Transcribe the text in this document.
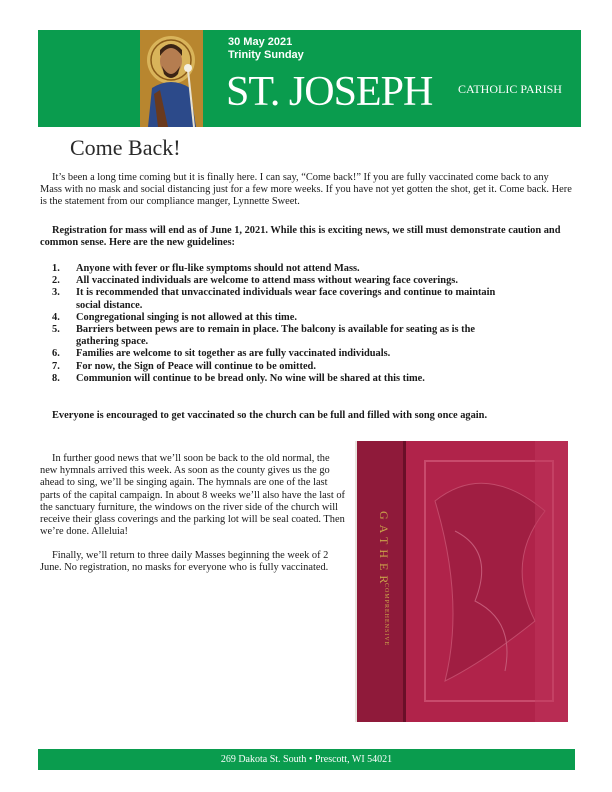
30 May 2021
Trinity Sunday
ST. JOSEPH CATHOLIC PARISH
Come Back!

It’s been a long time coming but it is finally here. I can say, “Come back!” If you are fully vaccinated come back to any Mass with no mask and social distancing just for a few more weeks. If you have not yet gotten the shot, get it. Come back. Here is the statement from our compliance manger, Lynnette Sweet.

Registration for mass will end as of June 1, 2021. While this is exciting news, we still must demonstrate caution and common sense. Here are the new guidelines:

1. Anyone with fever or flu-like symptoms should not attend Mass.
2. All vaccinated individuals are welcome to attend mass without wearing face coverings.
3. It is recommended that unvaccinated individuals wear face coverings and continue to maintain social distance.
4. Congregational singing is not allowed at this time.
5. Barriers between pews are to remain in place. The balcony is available for seating as is the gathering space.
6. Families are welcome to sit together as are fully vaccinated individuals.
7. For now, the Sign of Peace will continue to be omitted.
8. Communion will continue to be bread only. No wine will be shared at this time.

Everyone is encouraged to get vaccinated so the church can be full and filled with song once again.

In further good news that we’ll soon be back to the old normal, the new hymnals arrived this week. As soon as the county gives us the go ahead to sing, we’ll be singing again. The hymnals are one of the last parts of the capital campaign. In about 8 weeks we’ll also have the last of the sanctuary furniture, the windows on the river side of the church will receive their glass coverings and the parking lot will be seal coated. Then we’re done. Alleluia!

Finally, we’ll return to three daily Masses beginning the week of 2 June. No registration, no masks for everyone who is fully vaccinated.	GATHER
COMPREHENSIVE
269 Dakota St. South • Prescott, WI 54021
